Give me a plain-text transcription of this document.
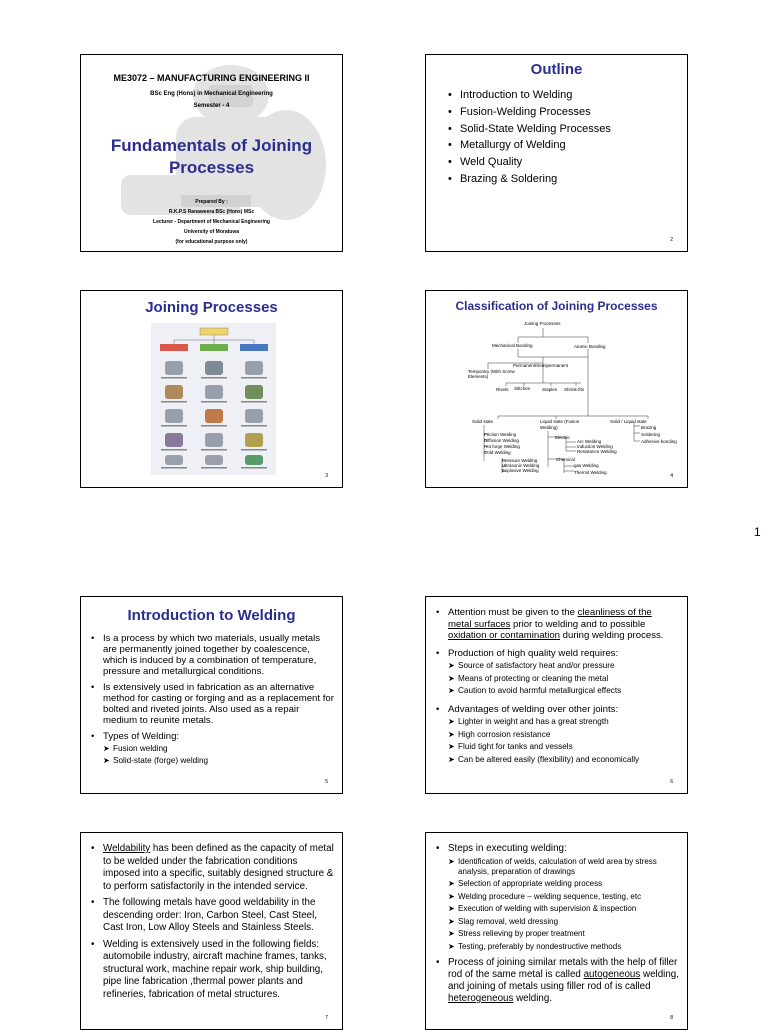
1
ME3072 – MANUFACTURING ENGINEERING II
BSc Eng (Hons) in Mechanical Engineering
Semester - 4
Fundamentals of Joining Processes
Prepared By :
R.K.P.S Ranaweera BSc (Hons) MSc
Lecturer - Department of Mechanical Engineering
University of Moratuwa
(for educational purpose only)
Outline
• Introduction to Welding
• Fusion-Welding Processes
• Solid-State Welding Processes
• Metallurgy of Welding
• Weld Quality
• Brazing & Soldering
2
Joining Processes
3
Classification of Joining Processes
Joining Processes
Mechanical Bonding	Atomic Bonding
Permanent/Semipermanent
Temporary (With Screw Elements)
Rivets Stitches	Staples Shrink-fits
Solid state	Liquid state (Fusion Welding)
Solid / Liquid state
Brazing
Soldering
Adhesive bonding
Friction Welding
Diffusion Welding
Hot forge Welding
Cold Welding
Pressure Welding
Ultrasonic Welding
Explosive Welding
Electric
Arc Welding
Induction Welding
Resistance Welding
Chemical
gas Welding
Thermit Welding
4
Introduction to Welding
• Is a process by which two materials, usually metals are permanently joined together by coalescence, which is induced by a combination of temperature, pressure and metallurgical conditions.
• Is extensively used in fabrication as an alternative method for casting or forging and as a replacement for bolted and riveted joints. Also used as a repair medium to reunite metals.
• Types of Welding:
➤ Fusion welding
➤ Solid-state (forge) welding
5
• Attention must be given to the cleanliness of the metal surfaces prior to welding and to possible oxidation or contamination during welding process.
• Production of high quality weld requires:
➤ Source of satisfactory heat and/or pressure
➤ Means of protecting or cleaning the metal
➤ Caution to avoid harmful metallurgical effects
• Advantages of welding over other joints:
➤ Lighter in weight and has a great strength
➤ High corrosion resistance
➤ Fluid tight for tanks and vessels
➤ Can be altered easily (flexibility) and economically
6
• Weldability has been defined as the capacity of metal to be welded under the fabrication conditions imposed into a specific, suitably designed structure & to perform satisfactorily in the intended service.
• The following metals have good weldability in the descending order: Iron, Carbon Steel, Cast Steel, Cast Iron, Low Alloy Steels and Stainless Steels.
• Welding is extensively used in the following fields: automobile industry, aircraft machine frames, tanks, structural work, machine repair work, ship building, pipe line fabrication ,thermal power plants and refineries, fabrication of metal structures.
7
• Steps in executing welding:
➤ Identification of welds, calculation of weld area by stress analysis, preparation of drawings
➤ Selection of appropriate welding process
➤ Welding procedure – welding sequence, testing, etc
➤ Execution of welding with supervision & inspection
➤ Slag removal, weld dressing
➤ Stress relieving by proper treatment
➤ Testing, preferably by nondestructive methods
• Process of joining similar metals with the help of filler rod of the same metal is called autogeneous welding, and joining of metals using filler rod of is called heterogeneous welding.
8
